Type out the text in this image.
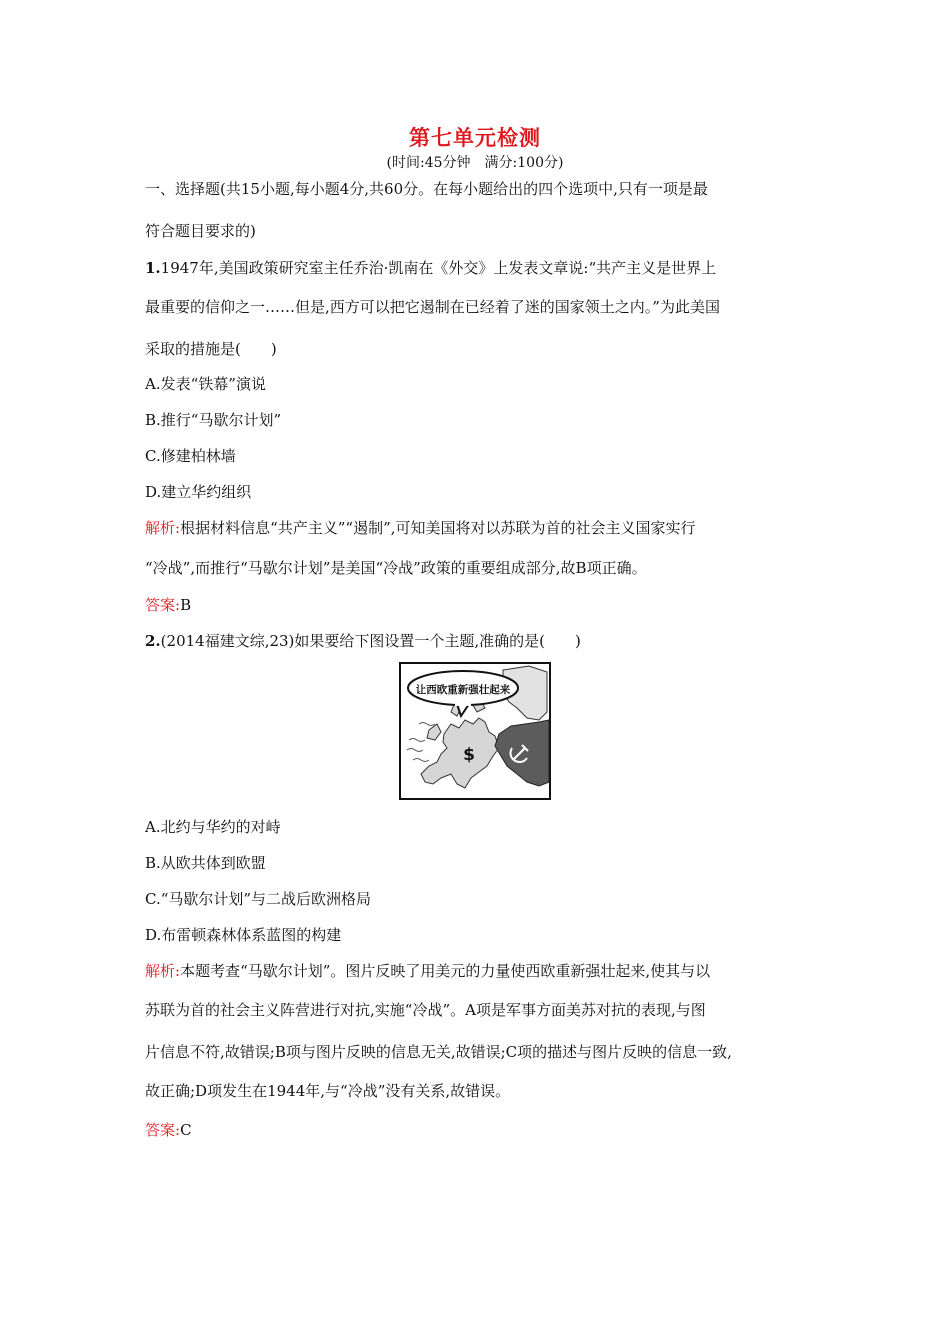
第七单元检测
(时间:45分钟　满分:100分)
一、选择题(共15小题,每小题4分,共60分。在每小题给出的四个选项中,只有一项是最
符合题目要求的)
1.1947年,美国政策研究室主任乔治·凯南在《外交》上发表文章说:“共产主义是世界上
最重要的信仰之一……但是,西方可以把它遏制在已经着了迷的国家领土之内。”为此美国
采取的措施是(　　)
A.发表“铁幕”演说
B.推行“马歇尔计划”
C.修建柏林墙
D.建立华约组织
解析:根据材料信息“共产主义”“遏制”,可知美国将对以苏联为首的社会主义国家实行
“冷战”,而推行“马歇尔计划”是美国“冷战”政策的重要组成部分,故B项正确。
答案:B
2.(2014福建文综,23)如果要给下图设置一个主题,准确的是(　　)
让西欧重新强壮起来
$
A.北约与华约的对峙
B.从欧共体到欧盟
C.“马歇尔计划”与二战后欧洲格局
D.布雷顿森林体系蓝图的构建
解析:本题考查“马歇尔计划”。图片反映了用美元的力量使西欧重新强壮起来,使其与以
苏联为首的社会主义阵营进行对抗,实施“冷战”。A项是军事方面美苏对抗的表现,与图
片信息不符,故错误;B项与图片反映的信息无关,故错误;C项的描述与图片反映的信息一致,
故正确;D项发生在1944年,与“冷战”没有关系,故错误。
答案:C
